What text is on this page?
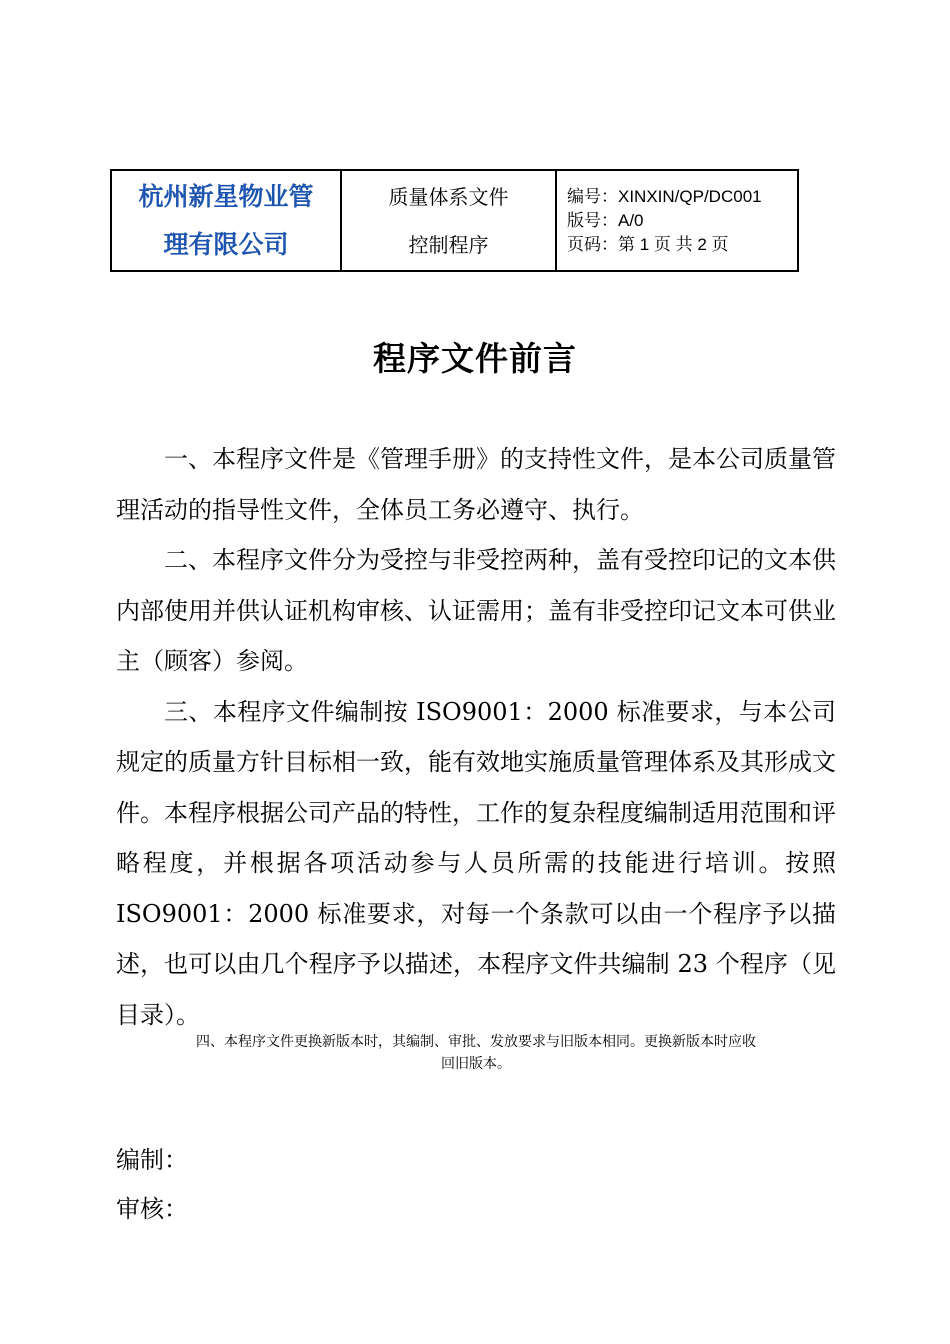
杭州新星物业管
理有限公司
质量体系文件
控制程序
编号：XINXIN/QP/DC001
版号：A/0
页码：第 1 页 共 2 页
程序文件前言

一、本程序文件是《管理手册》的支持性文件，是本公司质量管理活动的指导性文件，全体员工务必遵守、执行。

二、本程序文件分为受控与非受控两种，盖有受控印记的文本供内部使用并供认证机构审核、认证需用；盖有非受控印记文本可供业主（顾客）参阅。

三、本程序文件编制按 ISO9001：2000 标准要求，与本公司规定的质量方针目标相一致，能有效地实施质量管理体系及其形成文件。本程序根据公司产品的特性，工作的复杂程度编制适用范围和评略程度，并根据各项活动参与人员所需的技能进行培训。按照 ISO9001：2000 标准要求，对每一个条款可以由一个程序予以描述，也可以由几个程序予以描述，本程序文件共编制 23 个程序（见目录）。

四、本程序文件更换新版本时，其编制、审批、发放要求与旧版本相同。更换新版本时应收
回旧版本。
编制：
审核：
